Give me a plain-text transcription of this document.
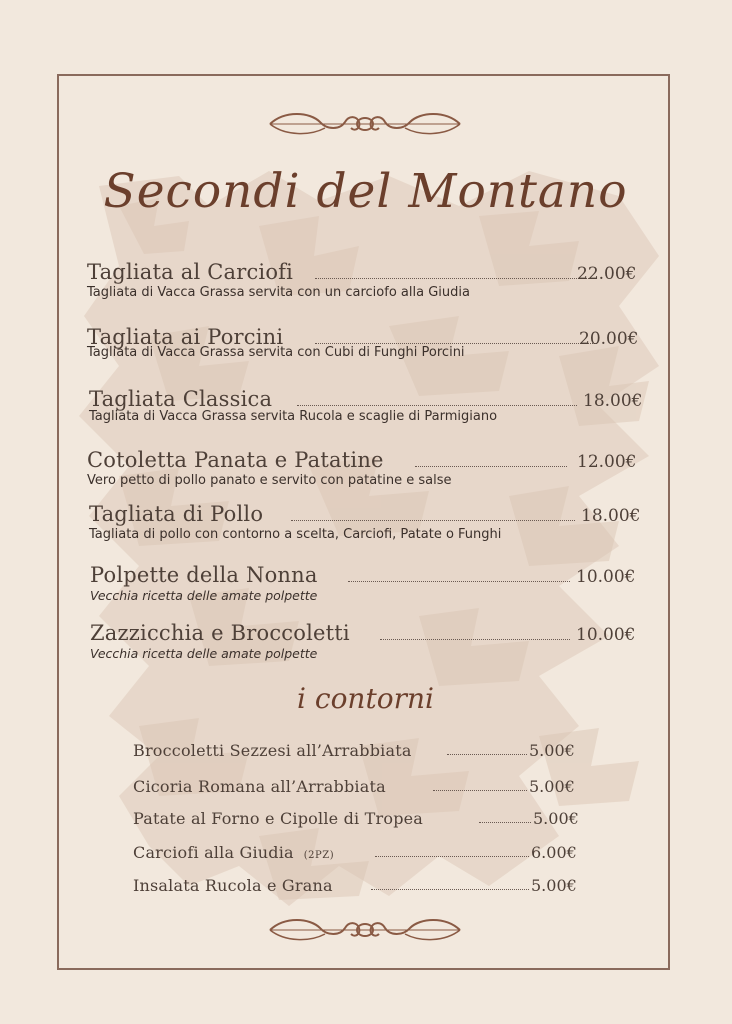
Secondi del Montano
Tagliata al Carciofi	22.00€
Tagliata di Vacca Grassa servita con un carciofo alla Giudia
Tagliata ai Porcini	20.00€
Tagliata di Vacca Grassa servita con Cubi di Funghi Porcini
Tagliata Classica	18.00€
Tagliata di Vacca Grassa servita Rucola e scaglie di Parmigiano
Cotoletta Panata e Patatine	12.00€
Vero petto di pollo panato e servito con patatine e salse
Tagliata di Pollo	18.00€
Tagliata di pollo con contorno a scelta, Carciofi, Patate o Funghi
Polpette della Nonna	10.00€
Vecchia ricetta delle amate polpette
Zazzicchia e Broccoletti	10.00€
Vecchia ricetta delle amate polpette
i contorni
Broccoletti Sezzesi all’Arrabbiata	5.00€
Cicoria Romana all’Arrabbiata	5.00€
Patate al Forno e Cipolle di Tropea	5.00€
Carciofi alla Giudia (2PZ)	6.00€
Insalata Rucola e Grana	5.00€
